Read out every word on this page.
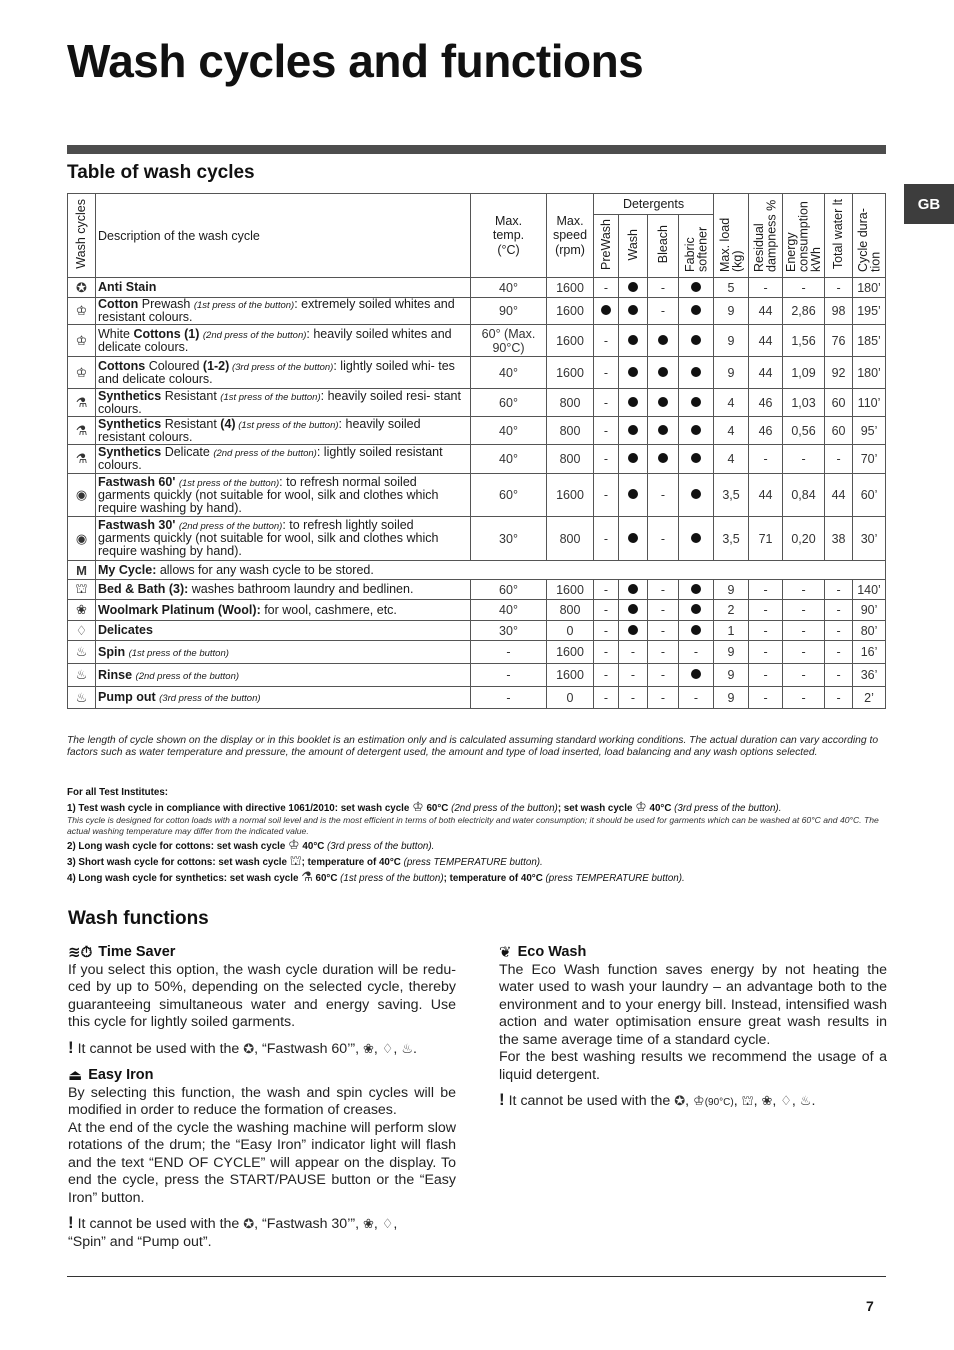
Wash cycles and functions
GB
Table of wash cycles
Wash cycles	Description of the wash cycle	Max. temp. (°C)	Max. speed (rpm)	Detergents				Max. load (kg)	Residual dampness %	Energy consumption kWh	Total water lt	Cycle dura- tion

				PreWash	Wash	Bleach	Fabric softener					

✪	Anti Stain	40°	1600	-		-		5	-	-	-	180’
♔	Cotton Prewash (1st press of the button): extremely soiled whites and resistant colours.	90°	1600			-		9	44	2,86	98	195’
♔	White Cottons (1) (2nd press of the button): heavily soiled whites and delicate colours.	60° (Max. 90°C)	1600	-				9	44	1,56	76	185’
♔	Cottons Coloured (1-2) (3rd press of the button): lightly soiled whi- tes and delicate colours.	40°	1600	-				9	44	1,09	92	180’
⚗	Synthetics Resistant (1st press of the button): heavily soiled resi- stant colours.	60°	800	-				4	46	1,03	60	110’
⚗	Synthetics Resistant (4) (1st press of the button): heavily soiled resistant colours.	40°	800	-				4	46	0,56	60	95’
⚗	Synthetics Delicate (2nd press of the button): lightly soiled resistant colours.	40°	800	-				4	-	-	-	70’
◉	Fastwash 60' (1st press of the button): to refresh normal soiled garments quickly (not suitable for wool, silk and clothes which require washing by hand).	60°	1600	-		-		3,5	44	0,84	44	60’
◉	Fastwash 30' (2nd press of the button): to refresh lightly soiled garments quickly (not suitable for wool, silk and clothes which require washing by hand).	30°	800	-		-		3,5	71	0,20	38	30’
M	My Cycle: allows for any wash cycle to be stored.											
⛫	Bed & Bath (3): washes bathroom laundry and bedlinen.	60°	1600	-		-		9	-	-	-	140’
❀	Woolmark Platinum (Wool): for wool, cashmere, etc.	40°	800	-		-		2	-	-	-	90’
♢	Delicates	30°	0	-		-		1	-	-	-	80’
♨	Spin (1st press of the button)	-	1600	-	-	-	-	9	-	-	-	16’
♨	Rinse (2nd press of the button)	-	1600	-	-	-		9	-	-	-	36’
♨	Pump out (3rd press of the button)	-	0	-	-	-	-	9	-	-	-	2’
The length of cycle shown on the display or in this booklet is an estimation only and is calculated assuming standard working conditions. The actual duration can vary according to factors such as water temperature and pressure, the amount of detergent used, the amount and type of load inserted, load balancing and any wash options selected.
For all Test Institutes:
1) Test wash cycle in compliance with directive 1061/2010: set wash cycle ♔ 60°C (2nd press of the button); set wash cycle ♔ 40°C (3rd press of the button).
This cycle is designed for cotton loads with a normal soil level and is the most efficient in terms of both electricity and water consumption; it should be used for garments which can be washed at 60°C and 40°C. The actual washing temperature may differ from the indicated value.
2) Long wash cycle for cottons: set wash cycle ♔ 40°C (3rd press of the button).
3) Short wash cycle for cottons: set wash cycle ⛫; temperature of 40°C (press TEMPERATURE button).
4) Long wash cycle for synthetics: set wash cycle ⚗ 60°C (1st press of the button); temperature of 40°C (press TEMPERATURE button).
Wash functions
≋⏱ Time Saver
If you select this option, the wash cycle duration will be redu- ced by up to 50%, depending on the selected cycle, thereby guaranteeing simultaneous water and energy saving. Use this cycle for lightly soiled garments.
! It cannot be used with the ✪, “Fastwash 60’”, ❀, ♢, ♨.
⏏ Easy Iron
By selecting this function, the wash and spin cycles will be modified in order to reduce the formation of creases.
At the end of the cycle the washing machine will perform slow rotations of the drum; the “Easy Iron” indicator light will flash and the text “END OF CYCLE” will appear on the display. To end the cycle, press the START/PAUSE button or the “Easy Iron” button.
! It cannot be used with the ✪, “Fastwash 30’”, ❀, ♢,
“Spin” and “Pump out”.
❦ Eco Wash
The Eco Wash function saves energy by not heating the water used to wash your laundry – an advantage both to the environment and to your energy bill. Instead, intensified wash action and water optimisation ensure great wash results in the same average time of a standard cycle.
For the best washing results we recommend the usage of a liquid detergent.
! It cannot be used with the ✪, ♔(90°C), ⛫, ❀, ♢, ♨.
7
